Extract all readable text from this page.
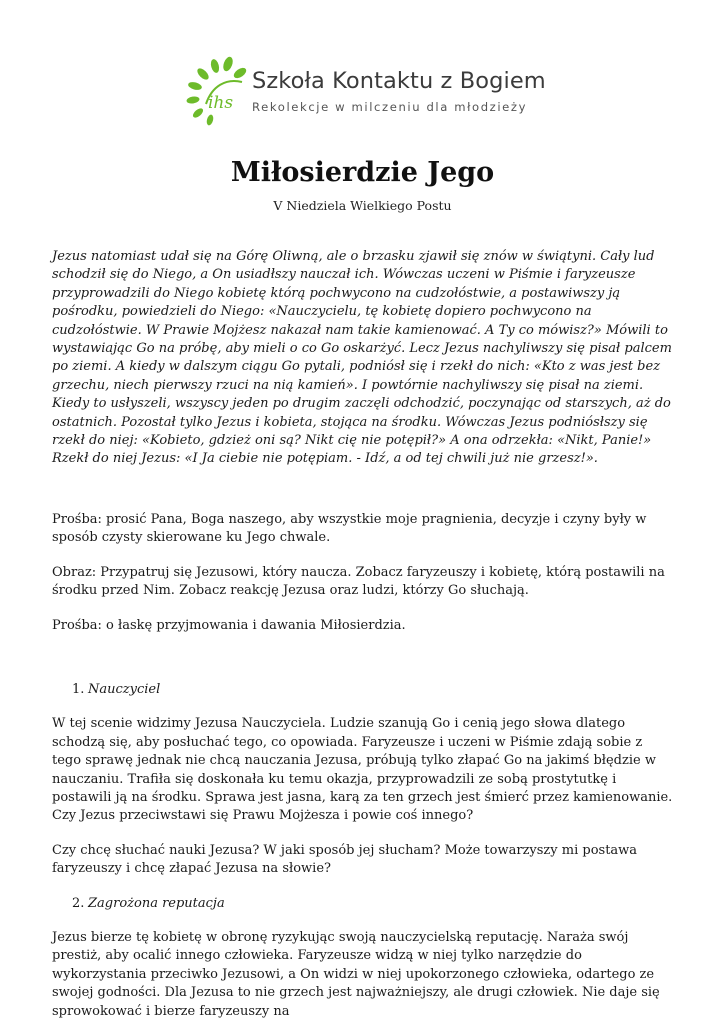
ihs
Szkoła Kontaktu z Bogiem
Rekolekcje w milczeniu dla młodzieży
Miłosierdzie Jego
V Niedziela Wielkiego Postu

Jezus natomiast udał się na Górę Oliwną, ale o brzasku zjawił się znów w świątyni. Cały lud schodził się do Niego, a On usiadłszy nauczał ich. Wówczas uczeni w Piśmie i faryzeusze przyprowadzili do Niego kobietę którą pochwycono na cudzołóstwie, a postawiwszy ją pośrodku, powiedzieli do Niego: «Nauczycielu, tę kobietę dopiero pochwycono na cudzołóstwie. W Prawie Mojżesz nakazał nam takie kamienować. A Ty co mówisz?» Mówili to wystawiając Go na próbę, aby mieli o co Go oskarżyć. Lecz Jezus nachyliwszy się pisał palcem po ziemi. A kiedy w dalszym ciągu Go pytali, podniósł się i rzekł do nich: «Kto z was jest bez grzechu, niech pierwszy rzuci na nią kamień». I powtórnie nachyliwszy się pisał na ziemi. Kiedy to usłyszeli, wszyscy jeden po drugim zaczęli odchodzić, poczynając od starszych, aż do ostatnich. Pozostał tylko Jezus i kobieta, stojąca na środku. Wówczas Jezus podniósłszy się rzekł do niej: «Kobieto, gdzież oni są? Nikt cię nie potępił?» A ona odrzekła: «Nikt, Panie!» Rzekł do niej Jezus: «I Ja ciebie nie potępiam. - Idź, a od tej chwili już nie grzesz!».

Prośba: prosić Pana, Boga naszego, aby wszystkie moje pragnienia, decyzje i czyny były w sposób czysty skierowane ku Jego chwale.

Obraz: Przypatruj się Jezusowi, który naucza. Zobacz faryzeuszy i kobietę, którą postawili na środku przed Nim. Zobacz reakcję Jezusa oraz ludzi, którzy Go słuchają.

Prośba: o łaskę przyjmowania i dawania Miłosierdzia.

1. Nauczyciel

W tej scenie widzimy Jezusa Nauczyciela. Ludzie szanują Go i cenią jego słowa dlatego schodzą się, aby posłuchać tego, co opowiada. Faryzeusze i uczeni w Piśmie zdają sobie z tego sprawę jednak nie chcą nauczania Jezusa, próbują tylko złapać Go na jakimś błędzie w nauczaniu. Trafiła się doskonała ku temu okazja, przyprowadzili ze sobą prostytutkę i postawili ją na środku. Sprawa jest jasna, karą za ten grzech jest śmierć przez kamienowanie. Czy Jezus przeciwstawi się Prawu Mojżesza i powie coś innego?

Czy chcę słuchać nauki Jezusa? W jaki sposób jej słucham? Może towarzyszy mi postawa faryzeuszy i chcę złapać Jezusa na słowie?

2. Zagrożona reputacja

Jezus bierze tę kobietę w obronę ryzykując swoją nauczycielską reputację. Naraża swój prestiż, aby ocalić innego człowieka. Faryzeusze widzą w niej tylko narzędzie do wykorzystania przeciwko Jezusowi, a On widzi w niej upokorzonego człowieka, odartego ze swojej godności. Dla Jezusa to nie grzech jest najważniejszy, ale drugi człowiek. Nie daje się sprowokować i bierze faryzeuszy na
